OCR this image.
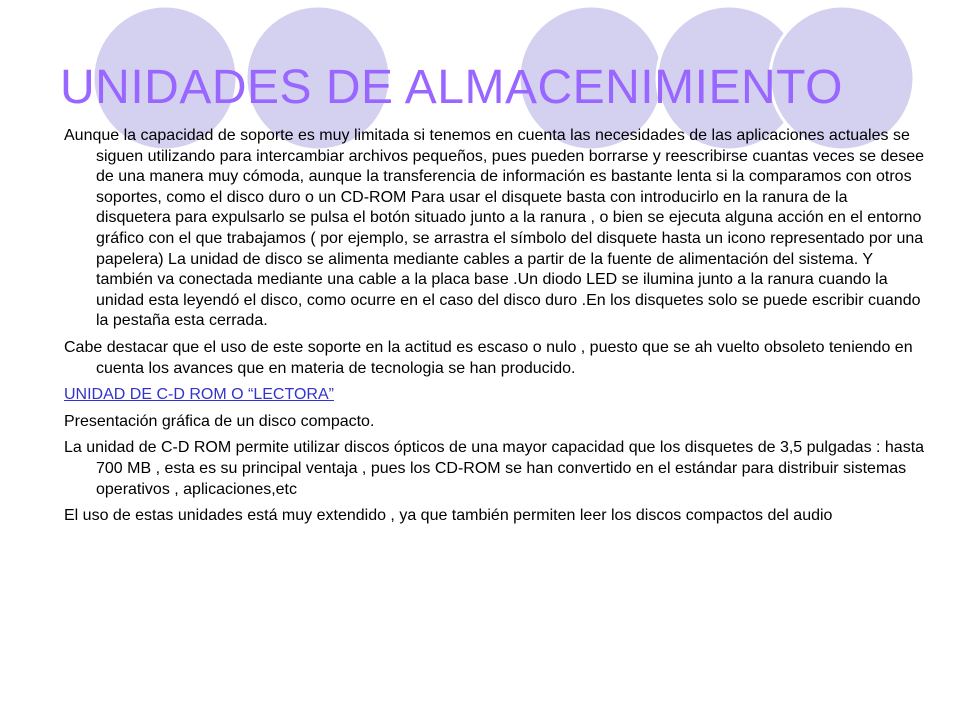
UNIDADES DE ALMACENIMIENTO

Aunque la capacidad de soporte es muy limitada si tenemos en cuenta las necesidades de las aplicaciones actuales se siguen utilizando para intercambiar archivos pequeños, pues pueden borrarse y reescribirse cuantas veces se desee de una manera muy cómoda, aunque la transferencia de información es bastante lenta si la comparamos con otros soportes, como el disco duro o un CD-ROM Para usar el disquete basta con introducirlo en la ranura de la disquetera para expulsarlo se pulsa el botón situado junto a la ranura , o bien se ejecuta alguna acción en el entorno gráfico con el que trabajamos ( por ejemplo, se arrastra el símbolo del disquete hasta un icono representado por una papelera) La unidad de disco se alimenta mediante cables a partir de la fuente de alimentación del sistema. Y también va conectada mediante una cable a la placa base .Un diodo LED se ilumina junto a la ranura cuando la unidad esta leyendó el disco, como ocurre en el caso del disco duro .En los disquetes solo se puede escribir cuando la pestaña esta cerrada.

Cabe destacar que el uso de este soporte en la actitud es escaso o nulo , puesto que se ah vuelto obsoleto teniendo en cuenta los avances que en materia de tecnologia se han producido.

UNIDAD DE C-D ROM O “LECTORA”

Presentación gráfica de un disco compacto.

La unidad de C-D ROM permite utilizar discos ópticos de una mayor capacidad que los disquetes de 3,5 pulgadas : hasta 700 MB , esta es su principal ventaja , pues los CD-ROM se han convertido en el estándar para distribuir sistemas operativos , aplicaciones,etc

El uso de estas unidades está muy extendido , ya que también permiten leer los discos compactos del audio
